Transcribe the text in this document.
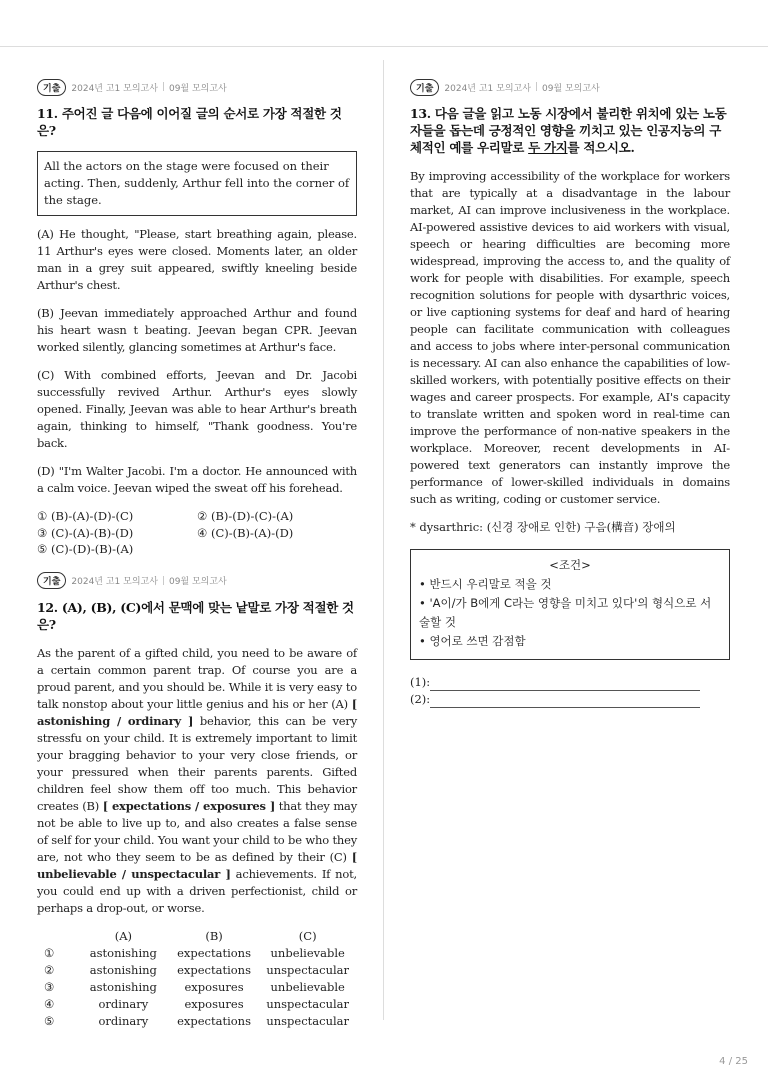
기출	2024년 고1 모의고사 | 09월 모의고사
11. 주어진 글 다음에 이어질 글의 순서로 가장 적절한 것은?
All the actors on the stage were focused on their acting. Then, suddenly, Arthur fell into the corner of the stage.

(A) He thought, "Please, start breathing again, please. 11 Arthur's eyes were closed. Moments later, an older man in a grey suit appeared, swiftly kneeling beside Arthur's chest.

(B) Jeevan immediately approached Arthur and found his heart wasn t beating. Jeevan began CPR. Jeevan worked silently, glancing sometimes at Arthur's face.

(C) With combined efforts, Jeevan and Dr. Jacobi successfully revived Arthur. Arthur's eyes slowly opened. Finally, Jeevan was able to hear Arthur's breath again, thinking to himself, "Thank goodness. You're back.

(D) "I'm Walter Jacobi. I'm a doctor. He announced with a calm voice. Jeevan wiped the sweat off his forehead.

① (B)-(A)-(D)-(C)	② (B)-(D)-(C)-(A)
③ (C)-(A)-(B)-(D)	④ (C)-(B)-(A)-(D)
⑤ (C)-(D)-(B)-(A)
기출	2024년 고1 모의고사 | 09월 모의고사
12. (A), (B), (C)에서 문맥에 맞는 낱말로 가장 적절한 것은?

As the parent of a gifted child, you need to be aware of a certain common parent trap. Of course you are a proud parent, and you should be. While it is very easy to talk nonstop about your little genius and his or her (A) [ astonishing / ordinary ] behavior, this can be very stressfu on your child. It is extremely important to limit your bragging behavior to your very close friends, or your pressured when their parents parents. Gifted children feel show them off too much. This behavior creates (B) [ expectations / exposures ] that they may not be able to live up to, and also creates a false sense of self for your child. You want your child to be who they are, not who they seem to be as defined by their (C) [ unbelievable / unspectacular ] achievements. If not, you could end up with a driven perfectionist, child or perhaps a drop-out, or worse.

	(A)	(B)	(C)
①	astonishing	expectations	unbelievable
②	astonishing	expectations	unspectacular
③	astonishing	exposures	unbelievable
④	ordinary	exposures	unspectacular
⑤	ordinary	expectations	unspectacular
기출	2024년 고1 모의고사 | 09월 모의고사
13. 다음 글을 읽고 노동 시장에서 불리한 위치에 있는 노동자들을 돕는데 긍정적인 영향을 끼치고 있는 인공지능의 구체적인 예를 우리말로 두 가지를 적으시오.

By improving accessibility of the workplace for workers that are typically at a disadvantage in the labour market, AI can improve inclusiveness in the workplace. AI-powered assistive devices to aid workers with visual, speech or hearing difficulties are becoming more widespread, improving the access to, and the quality of work for people with disabilities. For example, speech recognition solutions for people with dysarthric voices, or live captioning systems for deaf and hard of hearing people can facilitate communication with colleagues and access to jobs where inter-personal communication is necessary. AI can also enhance the capabilities of low-skilled workers, with potentially positive effects on their wages and career prospects. For example, AI's capacity to translate written and spoken word in real-time can improve the performance of non-native speakers in the workplace. Moreover, recent developments in AI-powered text generators can instantly improve the performance of lower-skilled individuals in domains such as writing, coding or customer service.

* dysarthric: (신경 장애로 인한) 구음(構音) 장애의
<조건>
• 반드시 우리말로 적을 것
• 'A이/가 B에게 C라는 영향을 미치고 있다'의 형식으로 서술할 것
• 영어로 쓰면 감점함
(1):
(2):
4 / 25
